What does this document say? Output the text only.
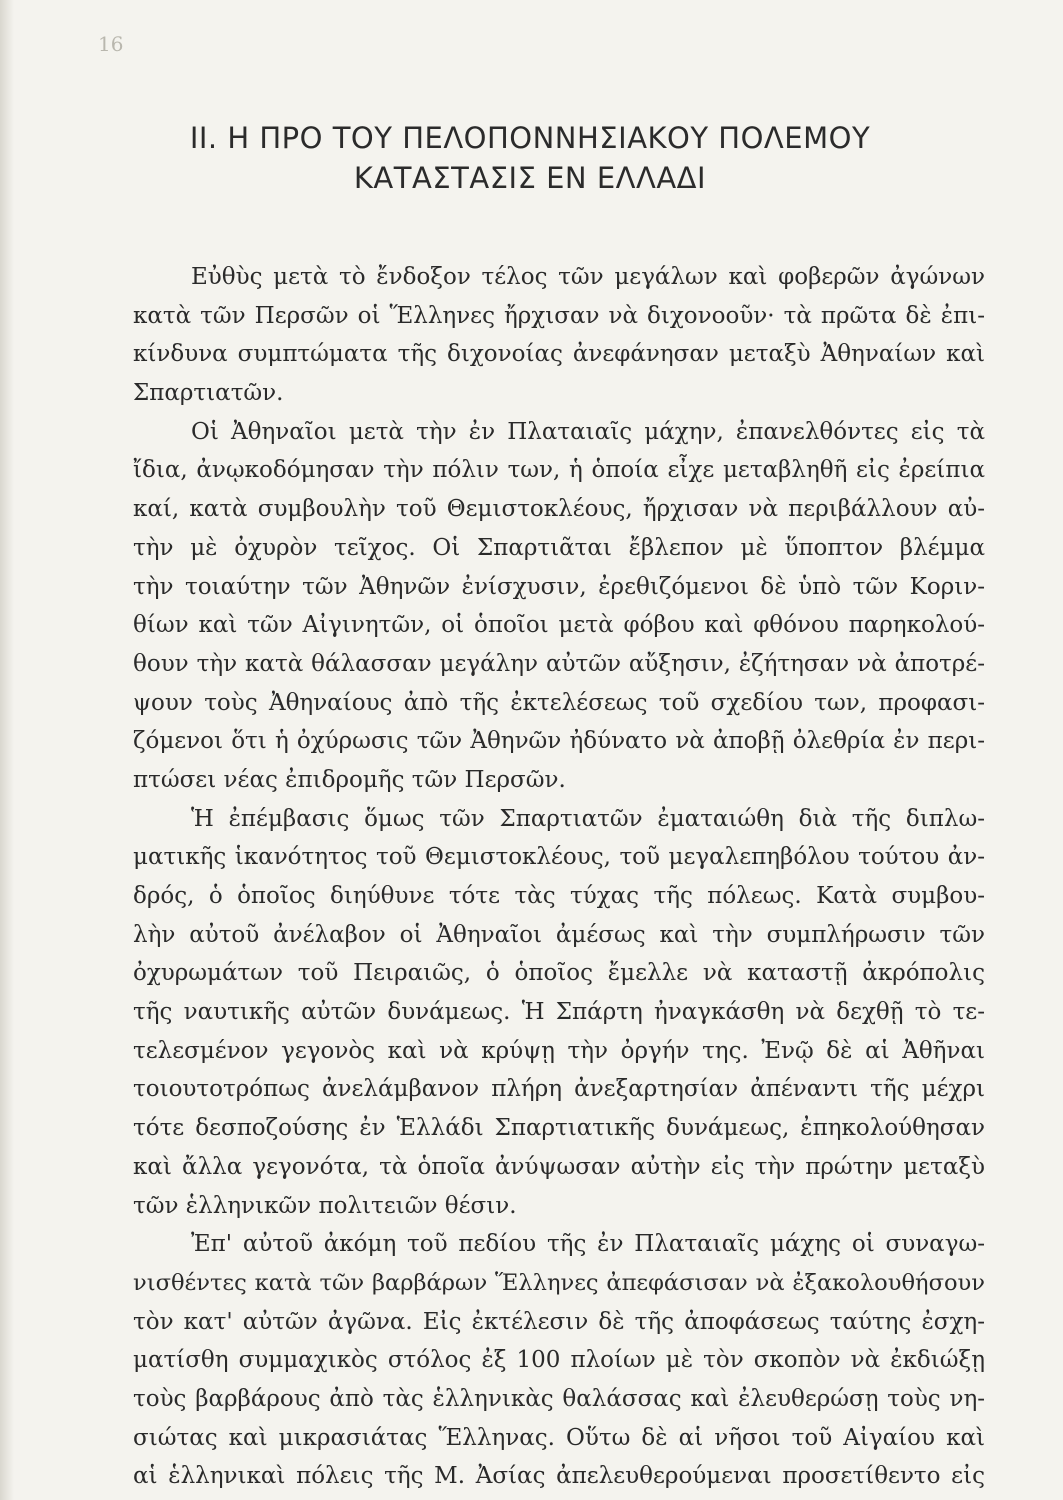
16
ΙΙ. Η ΠΡΟ ΤΟΥ ΠΕΛΟΠΟΝΝΗΣΙΑΚΟΥ ΠΟΛΕΜΟΥ
ΚΑΤΑΣΤΑΣΙΣ ΕΝ ΕΛΛΑΔΙ
Εὐθὺς μετὰ τὸ ἔνδοξον τέλος τῶν μεγάλων καὶ φοβερῶν ἀγώνων
κατὰ τῶν Περσῶν οἱ Ἕλληνες ἤρχισαν νὰ διχονοοῦν· τὰ πρῶτα δὲ ἐπι-
κίνδυνα συμπτώματα τῆς διχονοίας ἀνεφάνησαν μεταξὺ Ἀθηναίων καὶ
Σπαρτιατῶν.
Οἱ Ἀθηναῖοι μετὰ τὴν ἐν Πλαταιαῖς μάχην, ἐπανελθόντες εἰς τὰ
ἴδια, ἀνῳκοδόμησαν τὴν πόλιν των, ἡ ὁποία εἶχε μεταβληθῆ εἰς ἐρείπια
καί, κατὰ συμβουλὴν τοῦ Θεμιστοκλέους, ἤρχισαν νὰ περιβάλλουν αὐ-
τὴν μὲ ὀχυρὸν τεῖχος. Οἱ Σπαρτιᾶται ἔβλεπον μὲ ὕποπτον βλέμμα
τὴν τοιαύτην τῶν Ἀθηνῶν ἐνίσχυσιν, ἐρεθιζόμενοι δὲ ὑπὸ τῶν Κοριν-
θίων καὶ τῶν Αἰγινητῶν, οἱ ὁποῖοι μετὰ φόβου καὶ φθόνου παρηκολού-
θουν τὴν κατὰ θάλασσαν μεγάλην αὐτῶν αὔξησιν, ἐζήτησαν νὰ ἀποτρέ-
ψουν τοὺς Ἀθηναίους ἀπὸ τῆς ἐκτελέσεως τοῦ σχεδίου των, προφασι-
ζόμενοι ὅτι ἡ ὀχύρωσις τῶν Ἀθηνῶν ἠδύνατο νὰ ἀποβῇ ὀλεθρία ἐν περι-
πτώσει νέας ἐπιδρομῆς τῶν Περσῶν.
Ἡ ἐπέμβασις ὅμως τῶν Σπαρτιατῶν ἐματαιώθη διὰ τῆς διπλω-
ματικῆς ἱκανότητος τοῦ Θεμιστοκλέους, τοῦ μεγαλεπηβόλου τούτου ἀν-
δρός, ὁ ὁποῖος διηύθυνε τότε τὰς τύχας τῆς πόλεως. Κατὰ συμβου-
λὴν αὐτοῦ ἀνέλαβον οἱ Ἀθηναῖοι ἀμέσως καὶ τὴν συμπλήρωσιν τῶν
ὀχυρωμάτων τοῦ Πειραιῶς, ὁ ὁποῖος ἔμελλε νὰ καταστῇ ἀκρόπολις
τῆς ναυτικῆς αὐτῶν δυνάμεως. Ἡ Σπάρτη ἠναγκάσθη νὰ δεχθῇ τὸ τε-
τελεσμένον γεγονὸς καὶ νὰ κρύψῃ τὴν ὀργήν της. Ἐνῷ δὲ αἱ Ἀθῆναι
τοιουτοτρόπως ἀνελάμβανον πλήρη ἀνεξαρτησίαν ἀπέναντι τῆς μέχρι
τότε δεσποζούσης ἐν Ἑλλάδι Σπαρτιατικῆς δυνάμεως, ἐπηκολούθησαν
καὶ ἄλλα γεγονότα, τὰ ὁποῖα ἀνύψωσαν αὐτὴν εἰς τὴν πρώτην μεταξὺ
τῶν ἑλληνικῶν πολιτειῶν θέσιν.
Ἐπ' αὐτοῦ ἀκόμη τοῦ πεδίου τῆς ἐν Πλαταιαῖς μάχης οἱ συναγω-
νισθέντες κατὰ τῶν βαρβάρων Ἕλληνες ἀπεφάσισαν νὰ ἐξακολουθήσουν
τὸν κατ' αὐτῶν ἀγῶνα. Εἰς ἐκτέλεσιν δὲ τῆς ἀποφάσεως ταύτης ἐσχη-
ματίσθη συμμαχικὸς στόλος ἐξ 100 πλοίων μὲ τὸν σκοπὸν νὰ ἐκδιώξῃ
τοὺς βαρβάρους ἀπὸ τὰς ἑλληνικὰς θαλάσσας καὶ ἐλευθερώσῃ τοὺς νη-
σιώτας καὶ μικρασιάτας Ἕλληνας. Οὕτω δὲ αἱ νῆσοι τοῦ Αἰγαίου καὶ
αἱ ἑλληνικαὶ πόλεις τῆς Μ. Ἀσίας ἀπελευθερούμεναι προσετίθεντο εἰς
